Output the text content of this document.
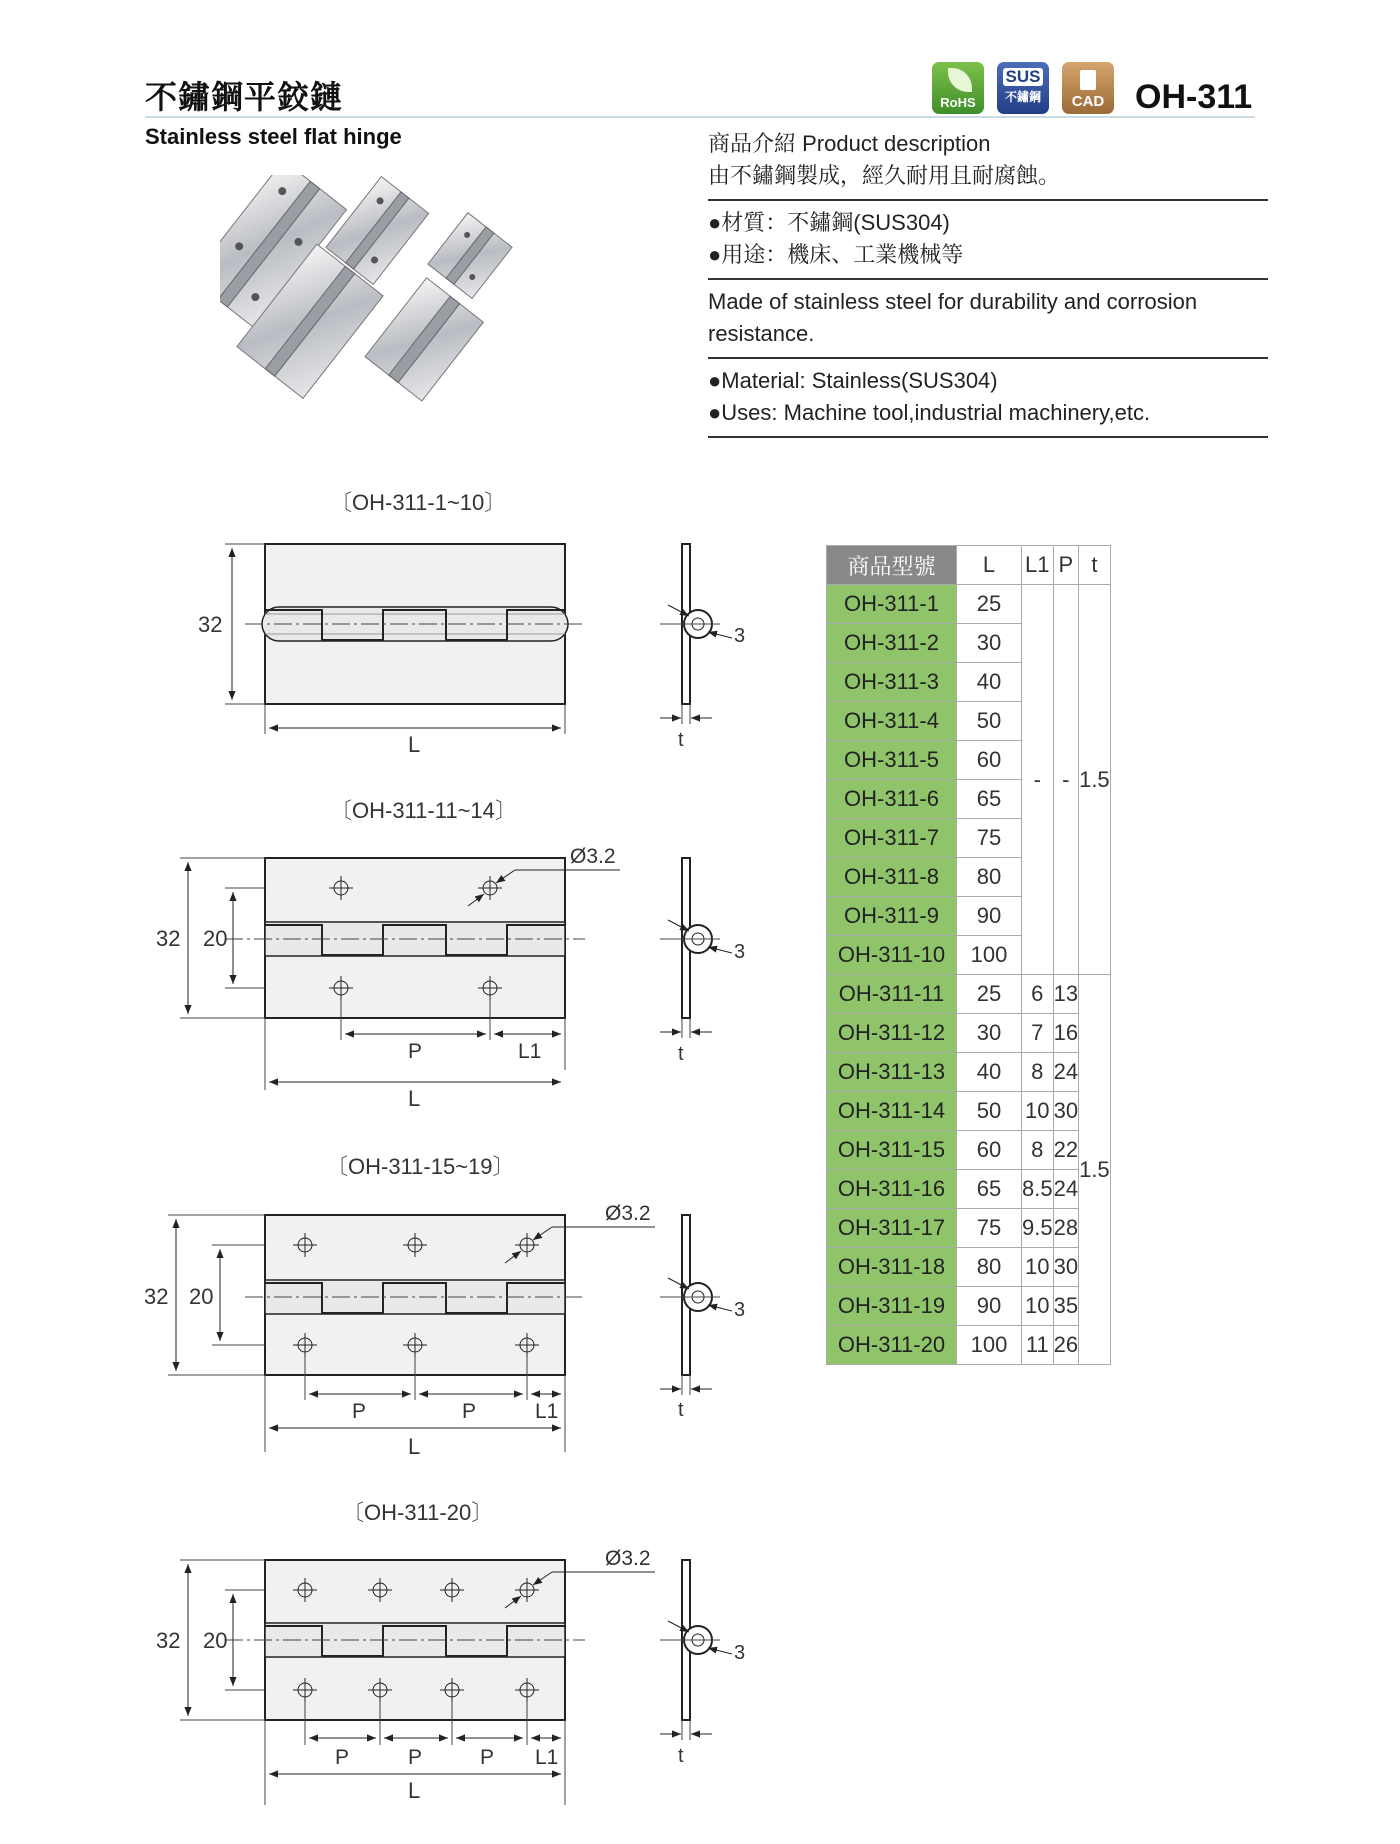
不鏽鋼平鉸鏈
Stainless steel flat hinge
RoHS
SUS
不鏽鋼	CAD OH-311
商品介紹 Product description
由不鏽鋼製成，經久耐用且耐腐蝕。
●材質：不鏽鋼(SUS304)
●用途：機床、工業機械等
Made of stainless steel for durability and corrosion resistance.
●Material: Stainless(SUS304)
●Uses: Machine tool,industrial machinery,etc.
〔OH-311-1~10〕
32
L
3
t
〔OH-311-11~14〕
Ø3.2
32 20
P	L1
L
3
t
〔OH-311-15~19〕
Ø3.2
32 20
P	P	L1
L
3
t
〔OH-311-20〕
Ø3.2
32 20
P	P	P L1
L
3
t
商品型號	L	L1	P	t
OH-311-1	25	-	-	1.5
OH-311-2	30			
OH-311-3	40			
OH-311-4	50			
OH-311-5	60			
OH-311-6	65			
OH-311-7	75			
OH-311-8	80			
OH-311-9	90			
OH-311-10	100			
OH-311-11	25	6	13	1.5
OH-311-12	30	7	16	
OH-311-13	40	8	24	
OH-311-14	50	10	30	
OH-311-15	60	8	22	
OH-311-16	65	8.5	24	
OH-311-17	75	9.5	28	
OH-311-18	80	10	30	
OH-311-19	90	10	35	
OH-311-20	100	11	26	
